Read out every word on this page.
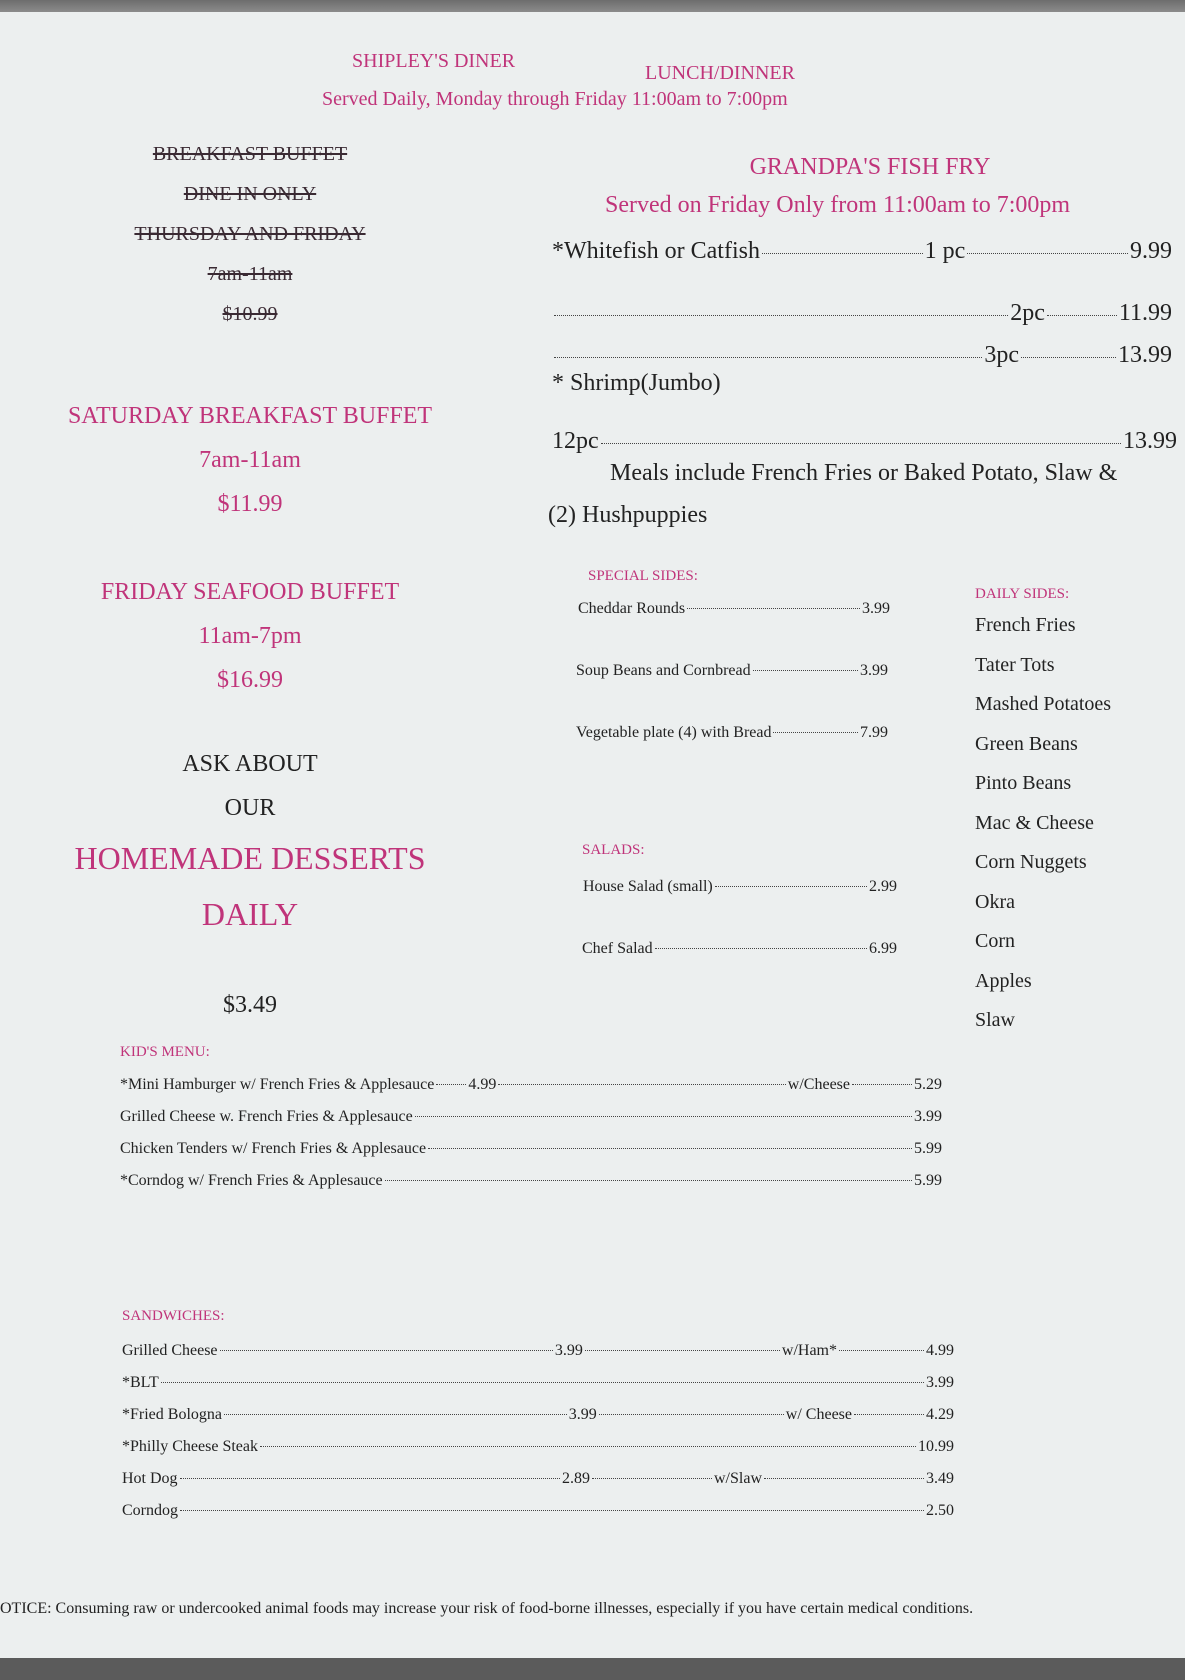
SHIPLEY'S DINER
LUNCH/DINNER
Served Daily, Monday through Friday 11:00am to 7:00pm
BREAKFAST BUFFET
DINE IN ONLY
THURSDAY AND FRIDAY
7am-11am
$10.99
SATURDAY BREAKFAST BUFFET
7am-11am
$11.99
FRIDAY SEAFOOD BUFFET
11am-7pm
$16.99
ASK ABOUT
OUR
HOMEMADE DESSERTS
DAILY
$3.49
GRANDPA'S FISH FRY
Served on Friday Only from 11:00am to 7:00pm
*Whitefish or Catfish	1 pc	9.99
2pc	11.99
3pc	13.99
* Shrimp(Jumbo)
12pc	13.99
Meals include French Fries or Baked Potato, Slaw &
(2) Hushpuppies
SPECIAL SIDES:
Cheddar Rounds	3.99
Soup Beans and Cornbread	3.99
Vegetable plate (4) with Bread	7.99
SALADS:
House Salad (small)	2.99
Chef Salad	6.99
DAILY SIDES:
French Fries
Tater Tots
Mashed Potatoes
Green Beans
Pinto Beans
Mac & Cheese
Corn Nuggets
Okra
Corn
Apples
Slaw
KID'S MENU:
*Mini Hamburger w/ French Fries & Applesauce 4.99	w/Cheese	5.29
Grilled Cheese w. French Fries & Applesauce	3.99
Chicken Tenders w/ French Fries & Applesauce	5.99
*Corndog w/ French Fries & Applesauce	5.99
SANDWICHES:
Grilled Cheese	3.99	w/Ham*	4.99
*BLT	3.99
*Fried Bologna	3.99	w/ Cheese	4.29
*Philly Cheese Steak	10.99
Hot Dog	2.89	w/Slaw	3.49
Corndog	2.50
OTICE: Consuming raw or undercooked animal foods may increase your risk of food-borne illnesses, especially if you have certain medical conditions.
